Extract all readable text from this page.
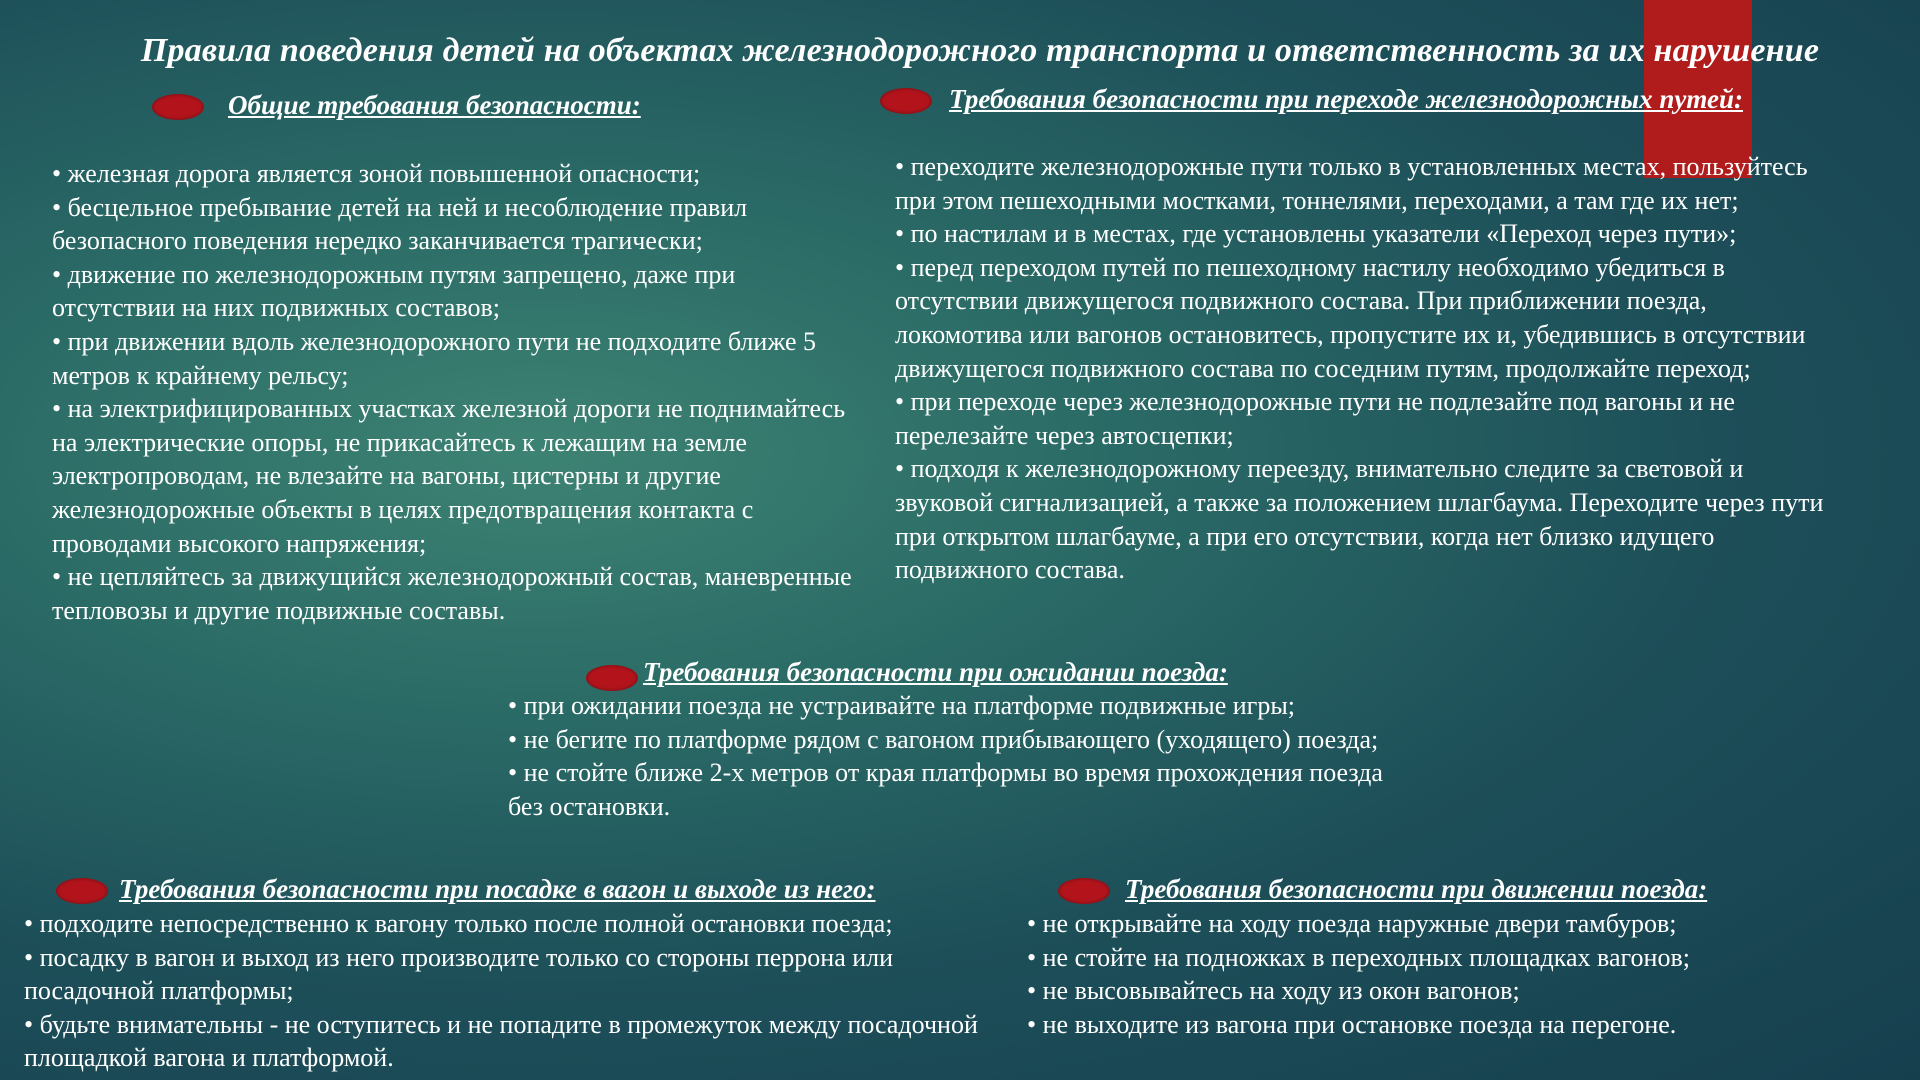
Правила поведения детей на объектах железнодорожного транспорта и ответственность за их нарушение
Общие требования безопасности:
• железная дорога является зоной повышенной опасности;
• бесцельное пребывание детей на ней и несоблюдение правил безопасного поведения нередко заканчивается трагически;
• движение по железнодорожным путям запрещено, даже при отсутствии на них подвижных составов;
• при движении вдоль железнодорожного пути не подходите ближе 5 метров к крайнему рельсу;
• на электрифицированных участках железной дороги не поднимайтесь на электрические опоры, не прикасайтесь к лежащим на земле электропроводам, не влезайте на вагоны, цистерны и другие железнодорожные объекты в целях предотвращения контакта с проводами высокого напряжения;
• не цепляйтесь за движущийся железнодорожный состав, маневренные тепловозы и другие подвижные составы.
Требования безопасности при переходе железнодорожных путей:
• переходите железнодорожные пути только в установленных местах, пользуйтесь при этом пешеходными мостками, тоннелями, переходами, а там где их нет;
• по настилам и в местах, где установлены указатели «Переход через пути»;
• перед переходом путей по пешеходному настилу необходимо убедиться в отсутствии движущегося подвижного состава. При приближении поезда, локомотива или вагонов остановитесь, пропустите их и, убедившись в отсутствии движущегося подвижного состава по соседним путям, продолжайте переход;
• при переходе через железнодорожные пути не подлезайте под вагоны и не перелезайте через автосцепки;
• подходя к железнодорожному переезду, внимательно следите за световой и звуковой сигнализацией, а также за положением шлагбаума. Переходите через пути при открытом шлагбауме, а при его отсутствии, когда нет близко идущего подвижного состава.
Требования безопасности при ожидании поезда:
• при ожидании поезда не устраивайте на платформе подвижные игры;
• не бегите по платформе рядом с вагоном прибывающего (уходящего) поезда;
• не стойте ближе 2-х метров от края платформы во время прохождения поезда без остановки.
Требования безопасности при посадке в вагон и выходе из него:
• подходите непосредственно к вагону только после полной остановки поезда;
• посадку в вагон и выход из него производите только со стороны перрона или посадочной платформы;
• будьте внимательны - не оступитесь и не попадите в промежуток между посадочной площадкой вагона и платформой.
Требования безопасности при движении поезда:
• не открывайте на ходу поезда наружные двери тамбуров;
• не стойте на подножках в переходных площадках вагонов;
• не высовывайтесь на ходу из окон вагонов;
• не выходите из вагона при остановке поезда на перегоне.
